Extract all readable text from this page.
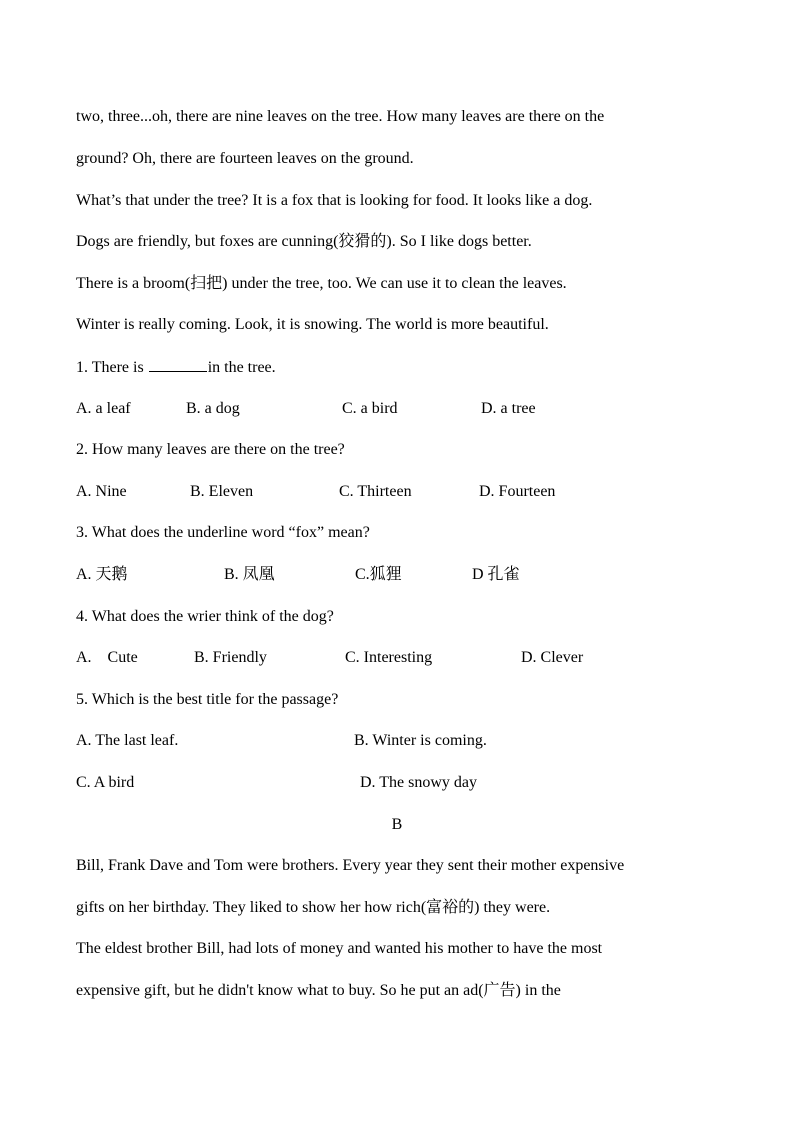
two, three...oh, there are nine leaves on the tree. How many leaves are there on the
ground? Oh, there are fourteen leaves on the ground.
What’s that under the tree? It is a fox that is looking for food. It looks like a dog.
Dogs are friendly, but foxes are cunning(狡猾的). So I like dogs better.
There is a broom(扫把) under the tree, too. We can use it to clean the leaves.
Winter is really coming. Look, it is snowing. The world is more beautiful.
1. There is	in the tree.
A. a leaf	B. a dog	C. a bird	D. a tree
2. How many leaves are there on the tree?
A. Nine	B. Eleven	C. Thirteen	D. Fourteen
3. What does the underline word “fox” mean?
A. 天鹅	B. 凤凰	C.狐狸	D 孔雀
4. What does the wrier think of the dog?
A.    Cute	B. Friendly	C. Interesting	D. Clever
5. Which is the best title for the passage?
A. The last leaf.	B. Winter is coming.
C. A bird	D. The snowy day
B
Bill, Frank Dave and Tom were brothers. Every year they sent their mother expensive
gifts on her birthday. They liked to show her how rich(富裕的) they were.
The eldest brother Bill, had lots of money and wanted his mother to have the most
expensive gift, but he didn't know what to buy. So he put an ad(广告) in the
